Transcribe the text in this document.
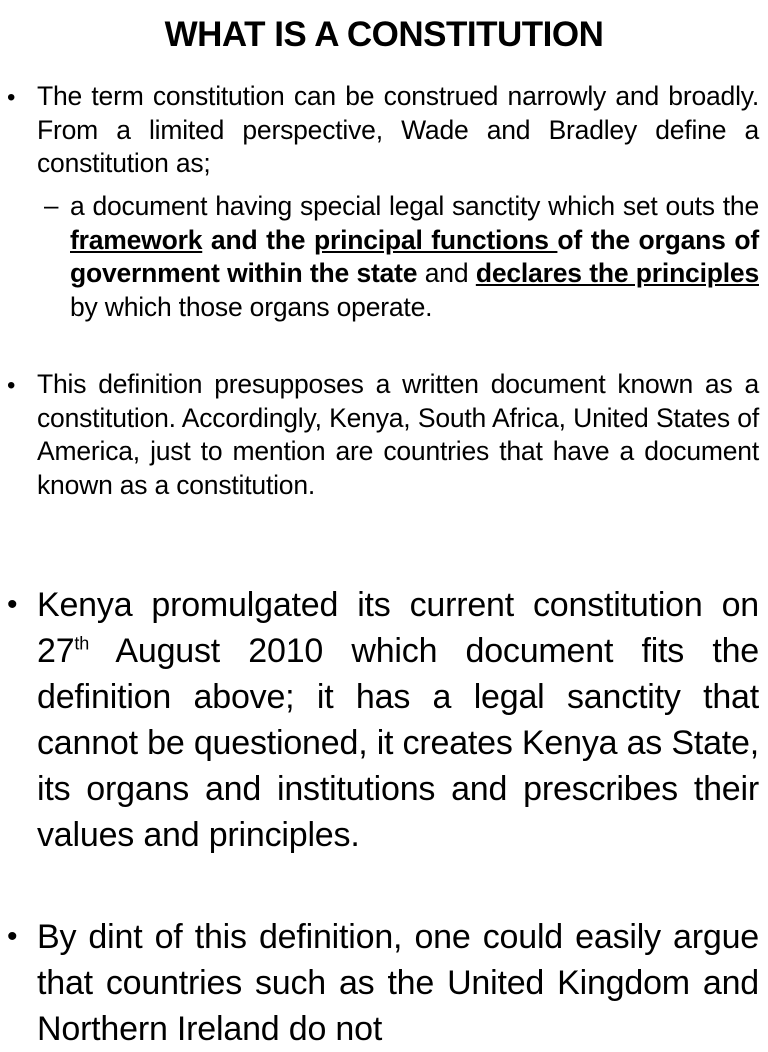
WHAT IS A CONSTITUTION
• The term constitution can be construed narrowly and broadly. From a limited perspective, Wade and Bradley define a constitution as;

– a document having special legal sanctity which set outs the framework and the principal functions of the organs of government within the state and declares the principles by which those organs operate.

• This definition presupposes a written document known as a constitution. Accordingly, Kenya, South Africa, United States of America, just to mention are countries that have a document known as a constitution.

• Kenya promulgated its current constitution on 27th August 2010 which document fits the definition above; it has a legal sanctity that cannot be questioned, it creates Kenya as State, its organs and institutions and prescribes their values and principles.

• By dint of this definition, one could easily argue that countries such as the United Kingdom and Northern Ireland do not
